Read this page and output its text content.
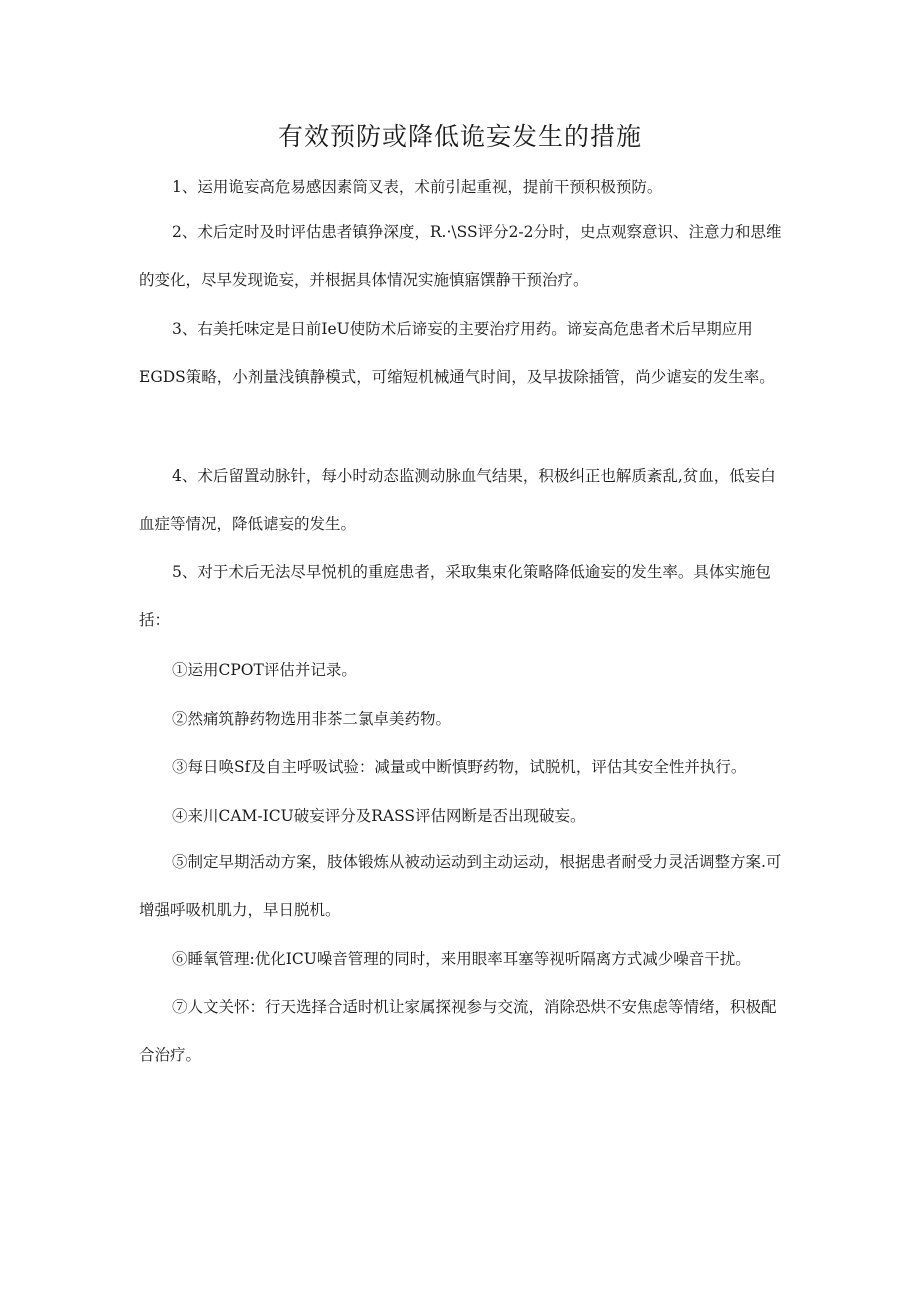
有效预防或降低诡妄发生的措施

1、运用诡妄高危易感因素筒叉表，术前引起重视，提前干预积极预防。

2、术后定时及时评估患者镇狰深度，R.·\SS评分2-2分时，史点观察意识、注意力和思维的变化，尽早发现诡妄，并根据具体情况实施慎寤馔静干预治疗。

3、右美托味定是日前IeU使防术后谛妄的主要治疗用药。谛妄高危患者术后早期应用EGDS策略，小剂量浅镇静模式，可缩短机械通气时间，及早拔除插管，尚少谑妄的发生率。

4、术后留置动脉针，每小时动态监测动脉血气结果，积极纠正也解质紊乱,贫血，低妄白血症等情况，降低谑妄的发生。

5、对于术后无法尽早悦机的重庭患者，采取集束化策略降低逾妄的发生率。具体实施包括：

①运用CPOT评估并记录。

②然痛筑静药物选用非茶二氯卓美药物。

③每日唤Sf及自主呼吸试验：减量或中断慎野药物，试脱机，评估其安全性并执行。

④来川CAM-ICU破妄评分及RASS评估网断是否出现破妄。

⑤制定早期活动方案，肢体锻炼从被动运动到主动运动，根据患者耐受力灵活调整方案.可增强呼吸机肌力，早日脱机。

⑥睡氧管理:优化ICU噪音管理的同时，来用眼率耳塞等视听隔离方式减少噪音干扰。

⑦人文关怀：行天选择合适时机让家属探视参与交流，消除恐烘不安焦虑等情绪，积极配合治疗。
